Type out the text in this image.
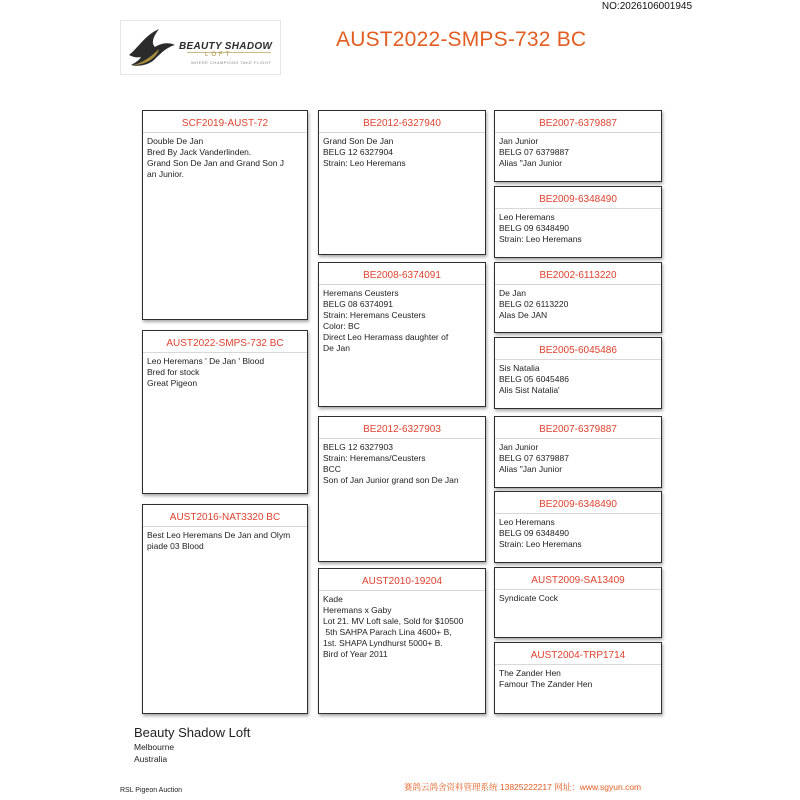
NO:2026106001945
BEAUTY SHADOW
LOFT
WHERE CHAMPIONS TAKE FLIGHT
AUST2022-SMPS-732 BC
SCF2019-AUST-72
Double De Jan
Bred By Jack Vanderlinden.
Grand Son De Jan and Grand Son J
an Junior.
AUST2022-SMPS-732 BC
Leo Heremans ' De Jan ' Blood
Bred for stock
Great Pigeon
AUST2016-NAT3320 BC
Best Leo Heremans De Jan and Olym
piade 03 Blood
BE2012-6327940
Grand Son De Jan
BELG 12 6327904
Strain: Leo Heremans
BE2008-6374091
Heremans Ceusters
BELG 08 6374091
Strain: Heremans Ceusters
Color: BC
Direct Leo Heramass daughter of
De Jan
BE2012-6327903
BELG 12 6327903
Strain: Heremans/Ceusters
BCC
Son of Jan Junior grand son De Jan
AUST2010-19204
Kade
Heremans x Gaby
Lot 21. MV Loft sale, Sold for $10500
5th SAHPA Parach Lina 4600+ B,
1st. SHAPA Lyndhurst 5000+ B.
Bird of Year 2011
BE2007-6379887
Jan Junior
BELG 07 6379887
Alias "Jan Junior
BE2009-6348490
Leo Heremans
BELG 09 6348490
Strain: Leo Heremans
BE2002-6113220
De Jan
BELG 02 6113220
Alas De JAN
BE2005-6045486
Sis Natalia
BELG 05 6045486
Alis Sist Natalia'
BE2007-6379887
Jan Junior
BELG 07 6379887
Alias "Jan Junior
BE2009-6348490
Leo Heremans
BELG 09 6348490
Strain: Leo Heremans
AUST2009-SA13409
Syndicate Cock
AUST2004-TRP1714
The Zander Hen
Famour The Zander Hen
Beauty Shadow Loft
Melbourne
Australia
RSL Pigeon Auction	赛鸽云鸽舍资料管理系统 13825222217 网址：www.sgyun.com
